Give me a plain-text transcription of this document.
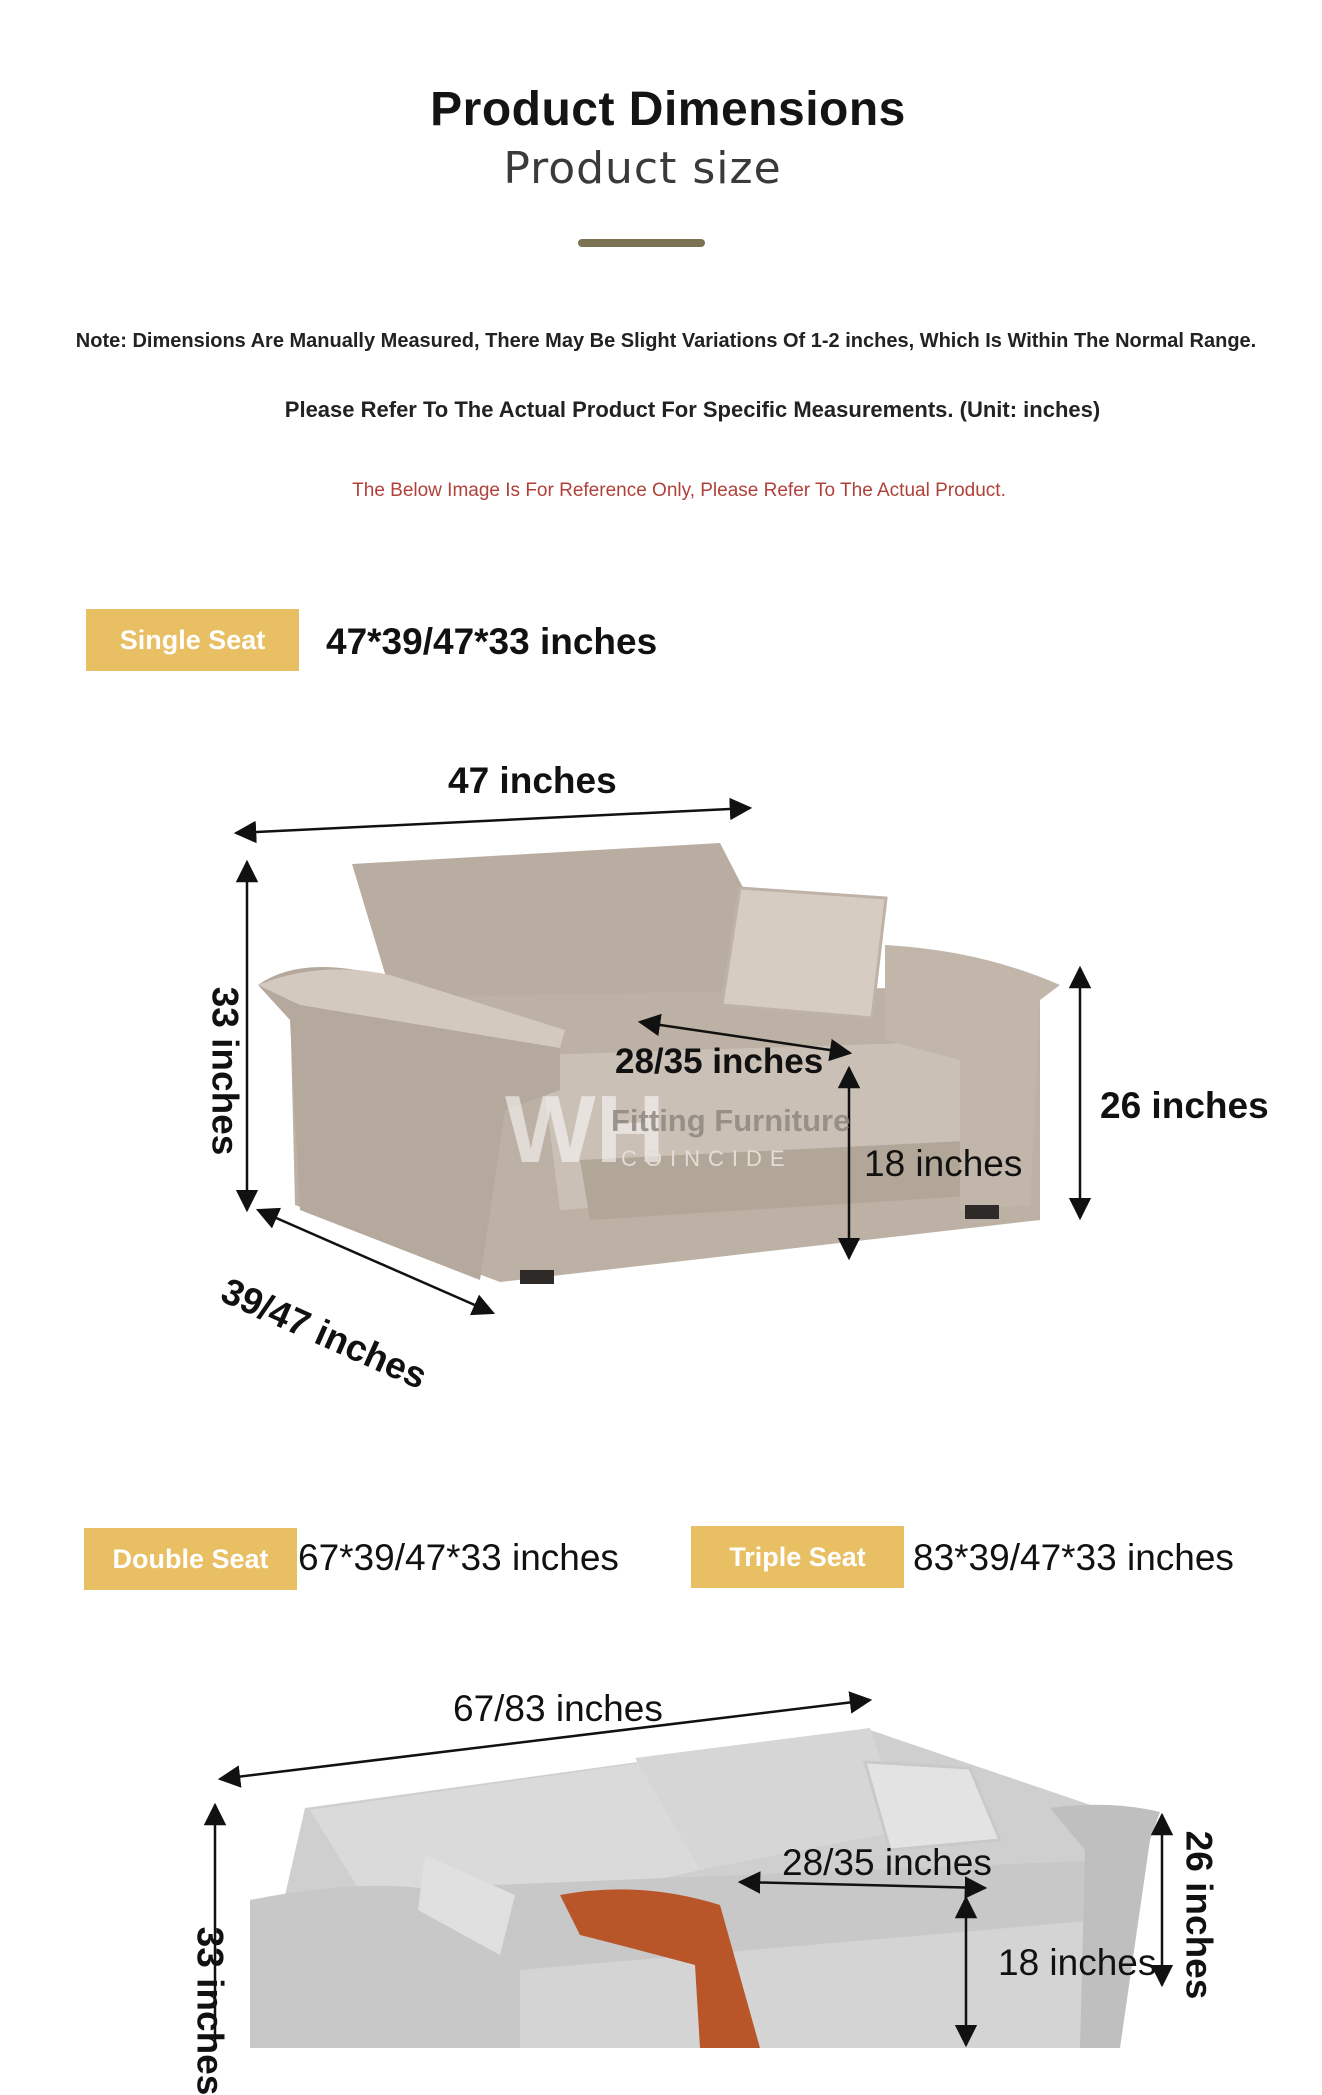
Product Dimensions
Product size
Note: Dimensions Are Manually Measured, There May Be Slight Variations Of 1-2 inches, Which Is Within The Normal Range.
Please Refer To The Actual Product For Specific Measurements. (Unit: inches)
The Below Image Is For Reference Only, Please Refer To The Actual Product.
Single Seat	47*39/47*33 inches
WH
Fitting Furniture
COINCIDE
47 inches
33 inches
39/47 inches
28/35 inches
18 inches
26 inches
Double Seat 67*39/47*33 inches	Triple Seat	83*39/47*33 inches
67/83 inches
33 inches
28/35 inches
18 inches 26 inches
